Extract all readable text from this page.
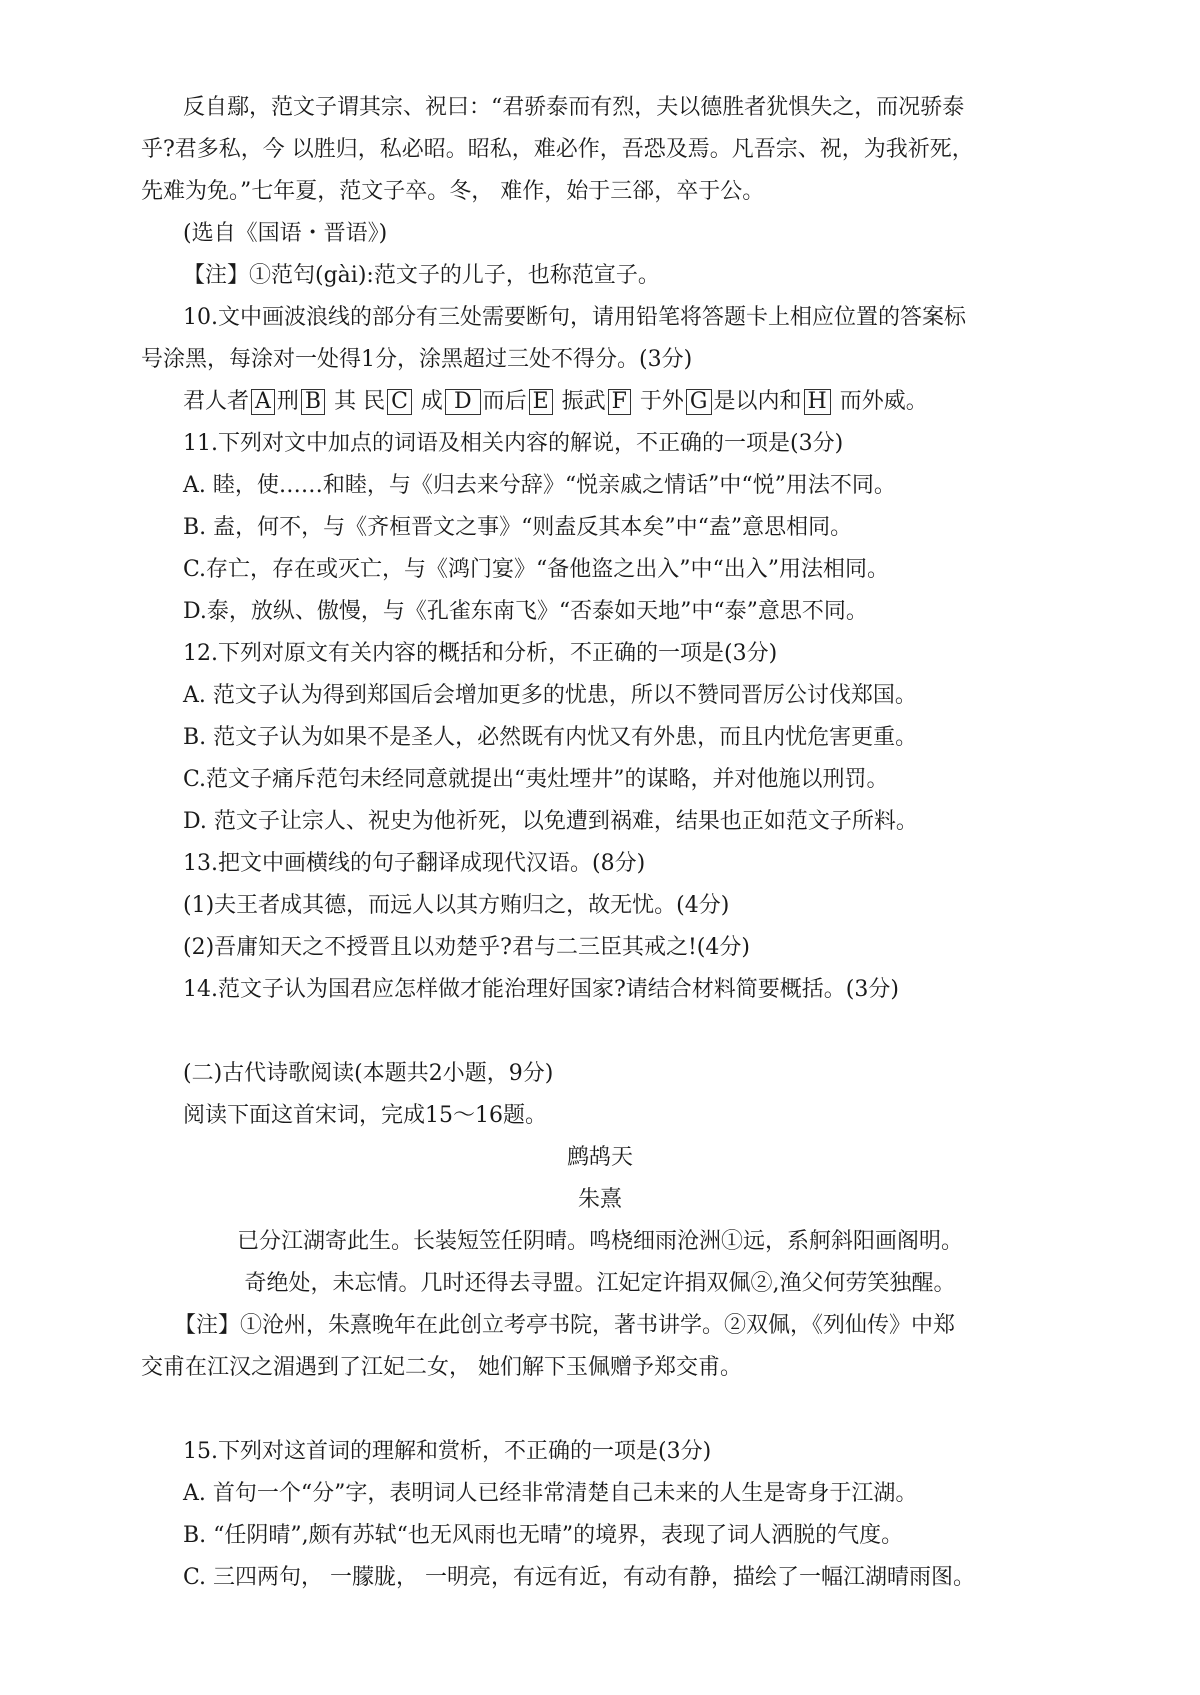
反自鄢，范文子谓其宗、祝曰：“君骄泰而有烈，夫以德胜者犹惧失之，而况骄泰
乎?君多私，今 以胜归，私必昭。昭私，难必作，吾恐及焉。凡吾宗、祝，为我祈死，
先难为免。”七年夏，范文子卒。冬， 难作，始于三郤，卒于公。
(选自《国语・晋语》)
【注】①范匄(gài):范文子的儿子，也称范宣子。
10.文中画波浪线的部分有三处需要断句，请用铅笔将答题卡上相应位置的答案标
号涂黑，每涂对一处得1分，涂黑超过三处不得分。(3分)
君人者 A 刑 B 其 民 C 成 D 而后 E 振武 F 于外 G 是以内和 H 而外威。
11.下列对文中加点的词语及相关内容的解说，不正确的一项是(3分)
A. 睦，使……和睦，与《归去来兮辞》“悦亲戚之情话”中“悦”用法不同。
B. 盍，何不，与《齐桓晋文之事》“则盍反其本矣”中“盍”意思相同。
C.存亡，存在或灭亡，与《鸿门宴》“备他盗之出入”中“出入”用法相同。
D.泰，放纵、傲慢，与《孔雀东南飞》“否泰如天地”中“泰”意思不同。
12.下列对原文有关内容的概括和分析，不正确的一项是(3分)
A. 范文子认为得到郑国后会增加更多的忧患，所以不赞同晋厉公讨伐郑国。
B. 范文子认为如果不是圣人，必然既有内忧又有外患，而且内忧危害更重。
C.范文子痛斥范匄未经同意就提出“夷灶堙井”的谋略，并对他施以刑罚。
D. 范文子让宗人、祝史为他祈死，以免遭到祸难，结果也正如范文子所料。
13.把文中画横线的句子翻译成现代汉语。(8分)
(1)夫王者成其德，而远人以其方贿归之，故无忧。(4分)
(2)吾庸知天之不授晋且以劝楚乎?君与二三臣其戒之!(4分)
14.范文子认为国君应怎样做才能治理好国家?请结合材料简要概括。(3分)
(二)古代诗歌阅读(本题共2小题，9分)
阅读下面这首宋词，完成15～16题。
鹧鸪天
朱熹
已分江湖寄此生。长装短笠任阴晴。鸣桡细雨沧洲①远，系舸斜阳画阁明。
奇绝处，未忘情。几时还得去寻盟。江妃定许捐双佩②,渔父何劳笑独醒。
【注】①沧州，朱熹晚年在此创立考亭书院，著书讲学。②双佩，《列仙传》中郑
交甫在江汉之湄遇到了江妃二女， 她们解下玉佩赠予郑交甫。
15.下列对这首词的理解和赏析，不正确的一项是(3分)
A. 首句一个“分”字，表明词人已经非常清楚自己未来的人生是寄身于江湖。
B. “任阴晴”,颇有苏轼“也无风雨也无晴”的境界，表现了词人洒脱的气度。
C. 三四两句， 一朦胧， 一明亮，有远有近，有动有静，描绘了一幅江湖晴雨图。
